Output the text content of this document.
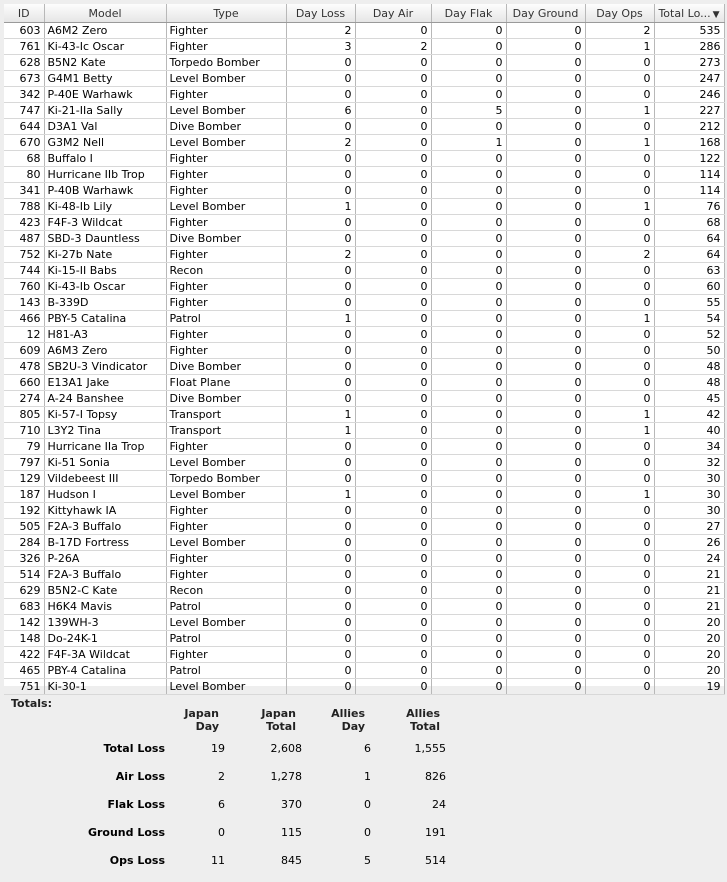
ID	Model	Type	Day Loss	Day Air	Day Flak	Day Ground	Day Ops	Total Lo... ▼
603	A6M2 Zero	Fighter	2	0	0	0	2	535
761	Ki-43-Ic Oscar	Fighter	3	2	0	0	1	286
628	B5N2 Kate	Torpedo Bomber	0	0	0	0	0	273
673	G4M1 Betty	Level Bomber	0	0	0	0	0	247
342	P-40E Warhawk	Fighter	0	0	0	0	0	246
747	Ki-21-IIa Sally	Level Bomber	6	0	5	0	1	227
644	D3A1 Val	Dive Bomber	0	0	0	0	0	212
670	G3M2 Nell	Level Bomber	2	0	1	0	1	168
68	Buffalo I	Fighter	0	0	0	0	0	122
80	Hurricane IIb Trop	Fighter	0	0	0	0	0	114
341	P-40B Warhawk	Fighter	0	0	0	0	0	114
788	Ki-48-Ib Lily	Level Bomber	1	0	0	0	1	76
423	F4F-3 Wildcat	Fighter	0	0	0	0	0	68
487	SBD-3 Dauntless	Dive Bomber	0	0	0	0	0	64
752	Ki-27b Nate	Fighter	2	0	0	0	2	64
744	Ki-15-II Babs	Recon	0	0	0	0	0	63
760	Ki-43-Ib Oscar	Fighter	0	0	0	0	0	60
143	B-339D	Fighter	0	0	0	0	0	55
466	PBY-5 Catalina	Patrol	1	0	0	0	1	54
12	H81-A3	Fighter	0	0	0	0	0	52
609	A6M3 Zero	Fighter	0	0	0	0	0	50
478	SB2U-3 Vindicator	Dive Bomber	0	0	0	0	0	48
660	E13A1 Jake	Float Plane	0	0	0	0	0	48
274	A-24 Banshee	Dive Bomber	0	0	0	0	0	45
805	Ki-57-I Topsy	Transport	1	0	0	0	1	42
710	L3Y2 Tina	Transport	1	0	0	0	1	40
79	Hurricane IIa Trop	Fighter	0	0	0	0	0	34
797	Ki-51 Sonia	Level Bomber	0	0	0	0	0	32
129	Vildebeest III	Torpedo Bomber	0	0	0	0	0	30
187	Hudson I	Level Bomber	1	0	0	0	1	30
192	Kittyhawk IA	Fighter	0	0	0	0	0	30
505	F2A-3 Buffalo	Fighter	0	0	0	0	0	27
284	B-17D Fortress	Level Bomber	0	0	0	0	0	26
326	P-26A	Fighter	0	0	0	0	0	24
514	F2A-3 Buffalo	Fighter	0	0	0	0	0	21
629	B5N2-C Kate	Recon	0	0	0	0	0	21
683	H6K4 Mavis	Patrol	0	0	0	0	0	21
142	139WH-3	Level Bomber	0	0	0	0	0	20
148	Do-24K-1	Patrol	0	0	0	0	0	20
422	F4F-3A Wildcat	Fighter	0	0	0	0	0	20
465	PBY-4 Catalina	Patrol	0	0	0	0	0	20
751	Ki-30-1	Level Bomber	0	0	0	0	0	19
Totals:
	Japan Day	Japan Total	Allies Day	Allies Total
Total Loss	19	2,608	6	1,555
Air Loss	2	1,278	1	826
Flak Loss	6	370	0	24
Ground Loss	0	115	0	191
Ops Loss	11	845	5	514
